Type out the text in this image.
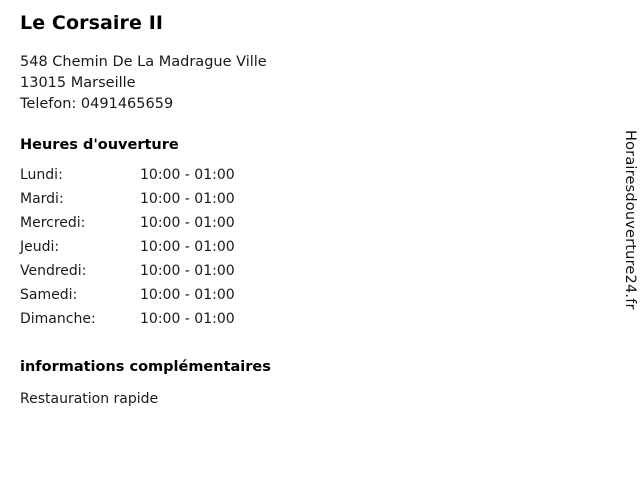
Le Corsaire II
548 Chemin De La Madrague Ville
13015 Marseille
Telefon: 0491465659
Heures d'ouverture
Lundi:	10:00 - 01:00
Mardi:	10:00 - 01:00
Mercredi:	10:00 - 01:00
Jeudi:	10:00 - 01:00
Vendredi:	10:00 - 01:00
Samedi:	10:00 - 01:00
Dimanche:	10:00 - 01:00
informations complémentaires

Restauration rapide

Horairesdouverture24.fr
